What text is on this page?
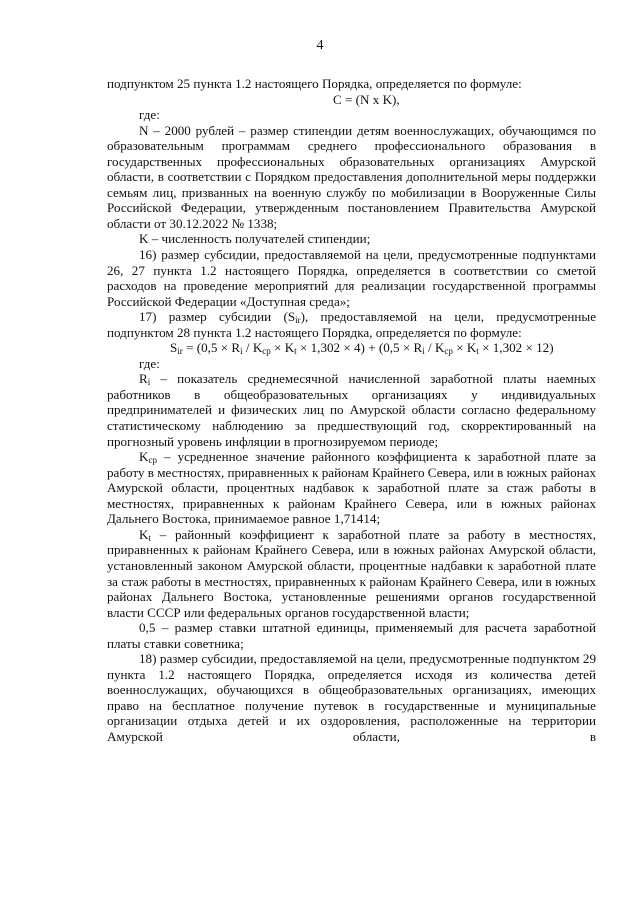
4
подпунктом 25 пункта 1.2 настоящего Порядка, определяется по формуле:
C = (N x K),
где:
N – 2000 рублей – размер стипендии детям военнослужащих, обучающимся по образовательным программам среднего профессионального образования в государственных профессиональных образовательных организациях Амурской области, в соответствии с Порядком предоставления дополнительной меры поддержки семьям лиц, призванных на военную службу по мобилизации в Вооруженные Силы Российской Федерации, утвержденным постановлением Правительства Амурской области от 30.12.2022 № 1338;
K – численность получателей стипендии;
16) размер субсидии, предоставляемой на цели, предусмотренные подпунктами 26, 27 пункта 1.2 настоящего Порядка, определяется в соответствии со сметой расходов на проведение мероприятий для реализации государственной программы Российской Федерации «Доступная среда»;
17) размер субсидии $(S_{ir})$, предоставляемой на цели, предусмотренные подпунктом 28 пункта 1.2 настоящего Порядка, определяется по формуле:
$S_{ir} = (0,5 \times R_i / K_{ср} \times K_t \times 1,302 \times 4) + (0,5 \times R_i / K_{ср} \times K_t \times 1,302 \times 12)$
где:
$R_i$ – показатель среднемесячной начисленной заработной платы наемных работников в общеобразовательных организациях у индивидуальных предпринимателей и физических лиц по Амурской области согласно федеральному статистическому наблюдению за предшествующий год, скорректированный на прогнозный уровень инфляции в прогнозируемом периоде;
$K_{ср}$ – усредненное значение районного коэффициента к заработной плате за работу в местностях, приравненных к районам Крайнего Севера, или в южных районах Амурской области, процентных надбавок к заработной плате за стаж работы в местностях, приравненных к районам Крайнего Севера, или в южных районах Дальнего Востока, принимаемое равное 1,71414;
$K_t$ – районный коэффициент к заработной плате за работу в местностях, приравненных к районам Крайнего Севера, или в южных районах Амурской области, установленный законом Амурской области, процентные надбавки к заработной плате за стаж работы в местностях, приравненных к районам Крайнего Севера, или в южных районах Дальнего Востока, установленные решениями органов государственной власти СССР или федеральных органов государственной власти;
0,5 – размер ставки штатной единицы, применяемый для расчета заработной платы ставки советника;
18) размер субсидии, предоставляемой на цели, предусмотренные подпунктом 29 пункта 1.2 настоящего Порядка, определяется исходя из количества детей военнослужащих, обучающихся в общеобразовательных организациях, имеющих право на бесплатное получение путевок в государственные и муниципальные организации отдыха детей и их оздоровления, расположенные на территории Амурской области, в
